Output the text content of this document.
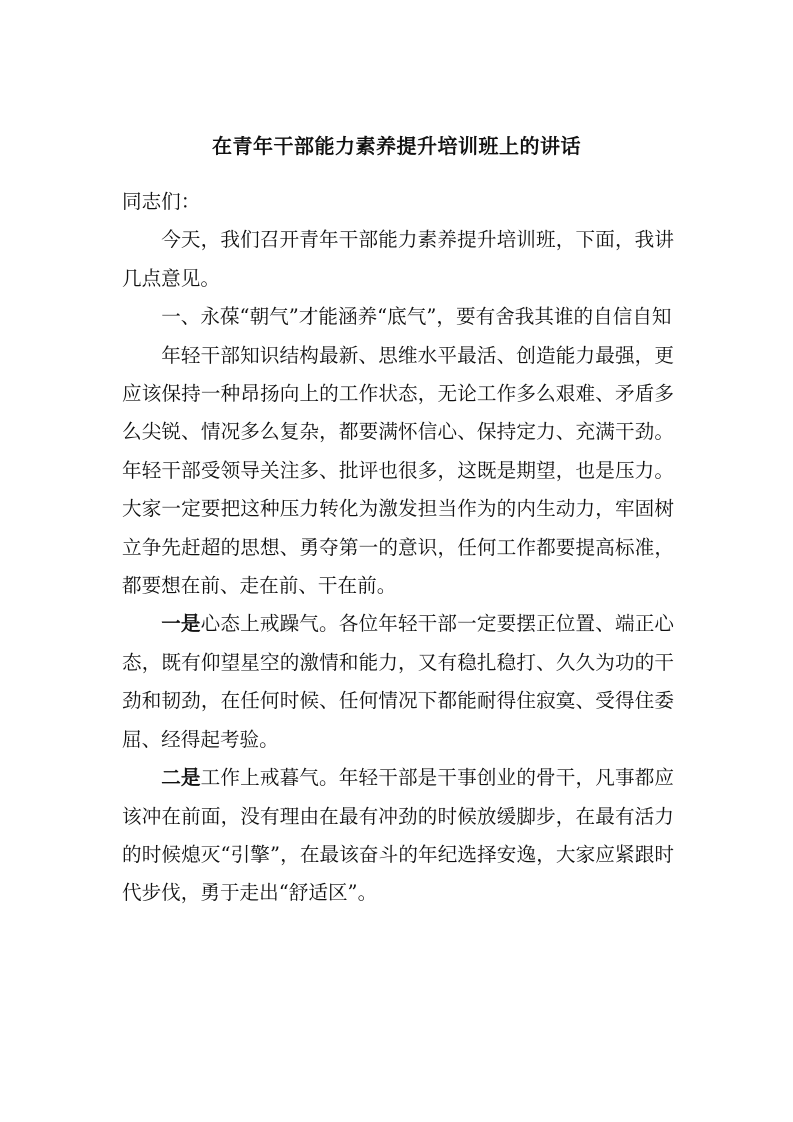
在青年干部能力素养提升培训班上的讲话

同志们：

今天，我们召开青年干部能力素养提升培训班，下面，我讲几点意见。

一、永葆“朝气”才能涵养“底气”，要有舍我其谁的自信自知

年轻干部知识结构最新、思维水平最活、创造能力最强，更应该保持一种昂扬向上的工作状态，无论工作多么艰难、矛盾多么尖锐、情况多么复杂，都要满怀信心、保持定力、充满干劲。年轻干部受领导关注多、批评也很多，这既是期望，也是压力。大家一定要把这种压力转化为激发担当作为的内生动力，牢固树立争先赶超的思想、勇夺第一的意识，任何工作都要提高标准，都要想在前、走在前、干在前。

一是心态上戒躁气。各位年轻干部一定要摆正位置、端正心态，既有仰望星空的激情和能力，又有稳扎稳打、久久为功的干劲和韧劲，在任何时候、任何情况下都能耐得住寂寞、受得住委屈、经得起考验。

二是工作上戒暮气。年轻干部是干事创业的骨干，凡事都应该冲在前面，没有理由在最有冲劲的时候放缓脚步，在最有活力的时候熄灭“引擎”，在最该奋斗的年纪选择安逸，大家应紧跟时代步伐，勇于走出“舒适区”。
